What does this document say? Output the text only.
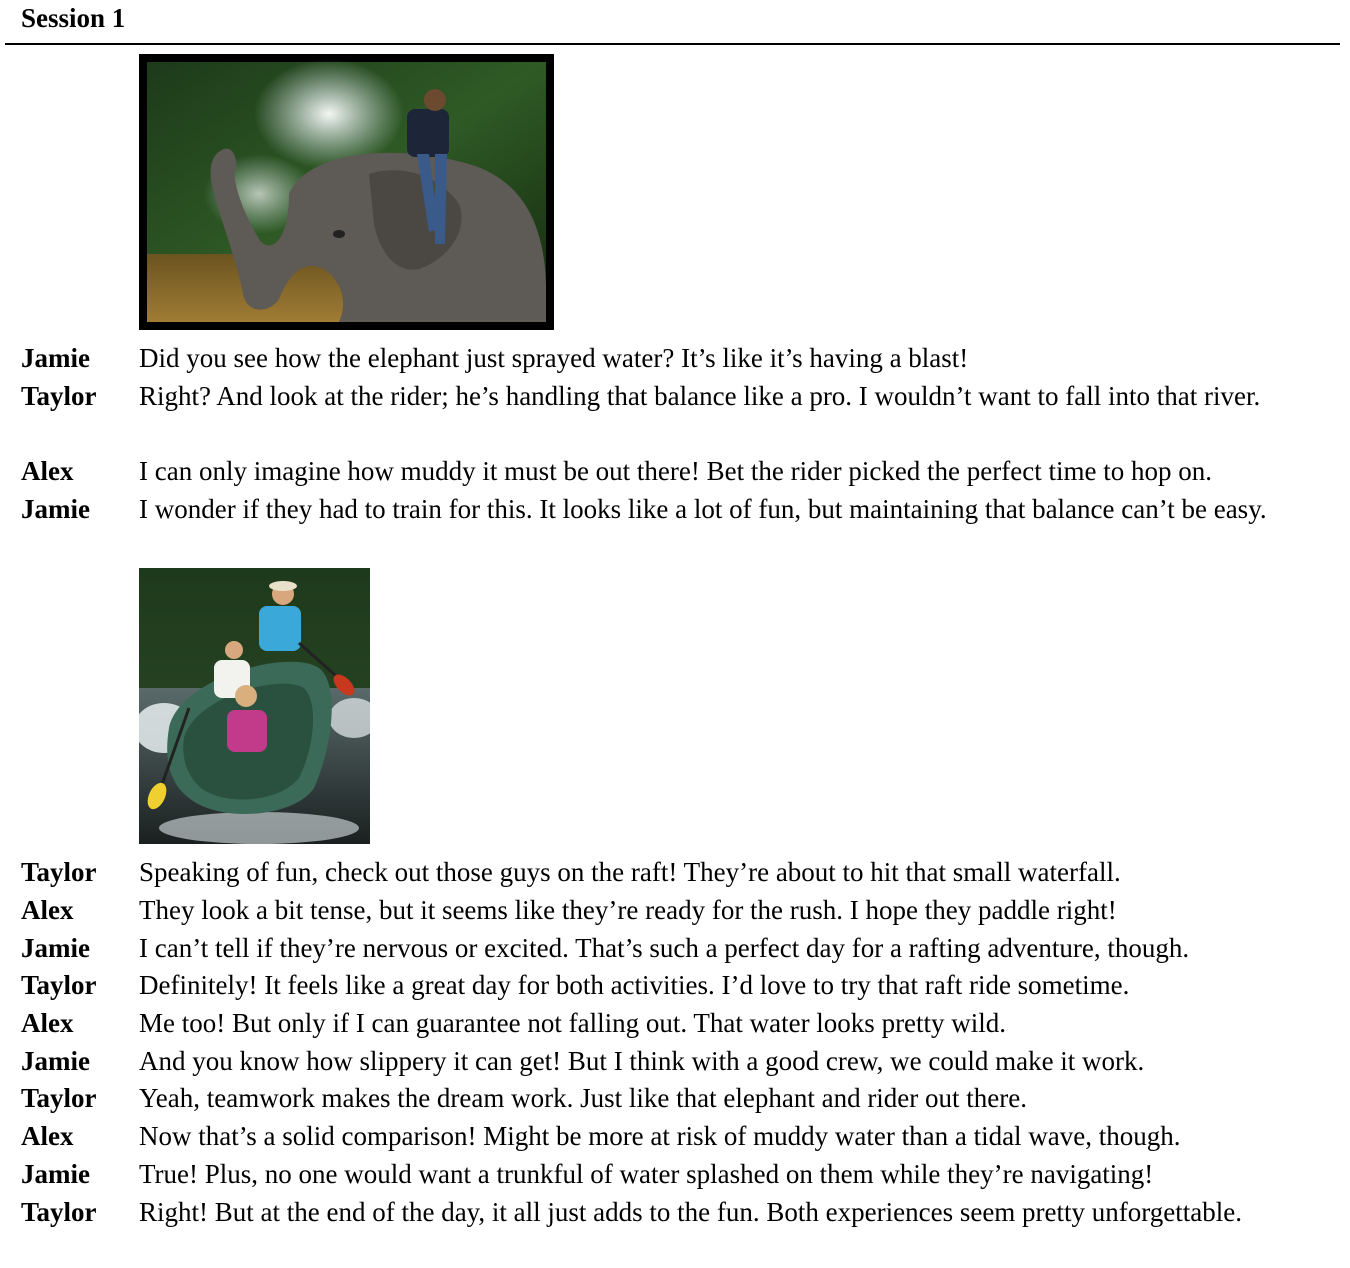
Session 1
Jamie Did you see how the elephant just sprayed water? It’s like it’s having a blast!
Taylor Right? And look at the rider; he’s handling that balance like a pro. I wouldn’t want to fall into that river.
Alex I can only imagine how muddy it must be out there! Bet the rider picked the perfect time to hop on.
Jamie I wonder if they had to train for this. It looks like a lot of fun, but maintaining that balance can’t be easy.
Taylor Speaking of fun, check out those guys on the raft! They’re about to hit that small waterfall.
Alex They look a bit tense, but it seems like they’re ready for the rush. I hope they paddle right!
Jamie I can’t tell if they’re nervous or excited. That’s such a perfect day for a rafting adventure, though.
Taylor Definitely! It feels like a great day for both activities. I’d love to try that raft ride sometime.
Alex Me too! But only if I can guarantee not falling out. That water looks pretty wild.
Jamie And you know how slippery it can get! But I think with a good crew, we could make it work.
Taylor Yeah, teamwork makes the dream work. Just like that elephant and rider out there.
Alex Now that’s a solid comparison! Might be more at risk of muddy water than a tidal wave, though.
Jamie True! Plus, no one would want a trunkful of water splashed on them while they’re navigating!
Taylor Right! But at the end of the day, it all just adds to the fun. Both experiences seem pretty unforgettable.
